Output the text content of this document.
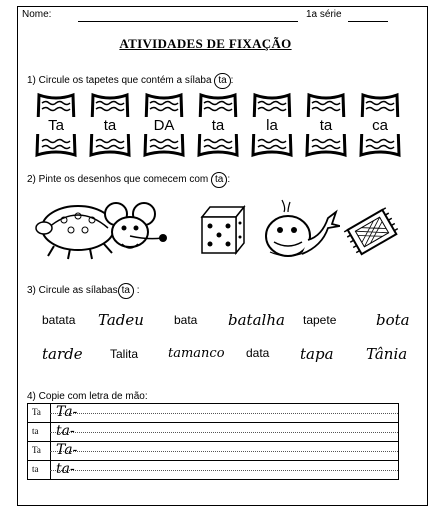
Nome:	1a série
ATIVIDADES DE FIXAÇÃO
1) Circule os tapetes que contém a sílaba ta :
Ta	ta	DA	ta	la	ta	ca
2) Pinte os desenhos que comecem com ta :
3) Circule as sílabas ta :
batata Tadeu	bata batalha tapete	bota
tarde Talita tamanco data tapa Tânia
4) Copie com letra de mão:
Ta Ta-
ta ta-
Ta Ta-
ta ta-
